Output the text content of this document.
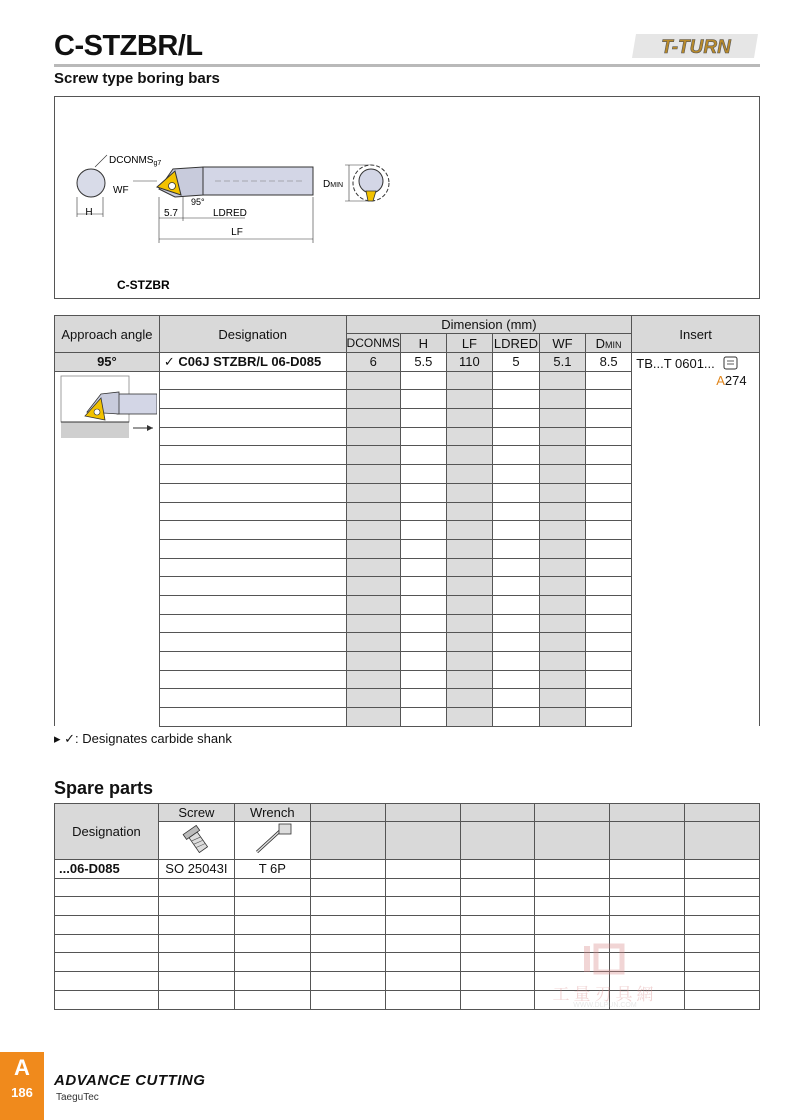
C-STZBR/L	T-TURN
Screw type boring bars
H
$DCONMS_{g7}$
WF
95°
5.7	LDRED
LF
DMIN
C-STZBR
Approach angle	Designation	Dimension (mm)						Insert
		DCONMS	H	LF	LDRED	WF	DMIN	
95°	✓ C06J STZBR/L 06-D085	6	5.5	110	5	5.1	8.5	TB...T 0601...
A274

▸ ✓: Designates carbide shank
Spare parts
Designation	Screw	Wrench						

...06-D085	SO 25043I	T 6P						

工量刃具網
WWW.DLPUN.COM
A
186
ADVANCE CUTTING
TaeguTec
